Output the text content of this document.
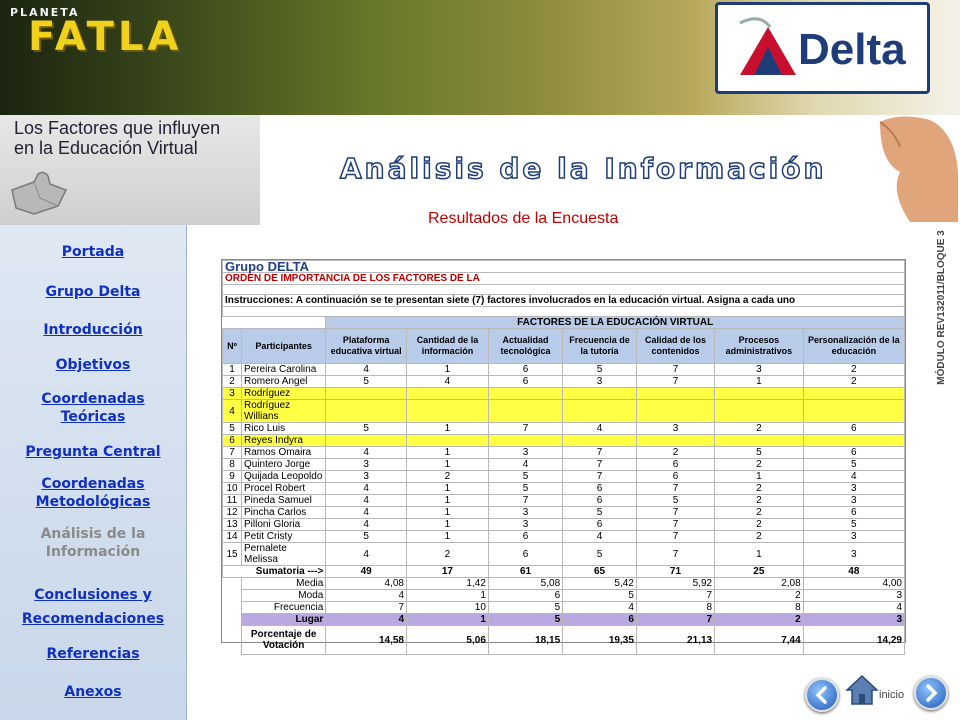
PLANETA
FATLA	Delta
Los Factores que influyen
en la Educación Virtual
Análisis de la Información
Resultados de la Encuesta
MÓDULO REV132011/BLOQUE 3
Portada
Grupo Delta
Introducción
Objetivos
Coordenadas
Teóricas
Pregunta Central
Coordenadas
Metodológicas
Análisis de la
Información
Conclusiones y
Recomendaciones
Referencias
Anexos
Grupo DELTA								
ORDEN DE IMPORTANCIA DE LOS FACTORES DE LA								

Instrucciones: A continuación se te presentan siete (7) factores involucrados en la educación virtual. Asigna a cada uno								

		FACTORES DE LA EDUCACIÓN VIRTUAL						
Nº	Participantes	Plataforma educativa virtual	Cantidad de la información	Actualidad tecnológica	Frecuencia de la tutoría	Calidad de los contenidos	Procesos administrativos	Personalización de la educación
1	Pereira Carolina	4	1	6	5	7	3	2
2	Romero Angel	5	4	6	3	7	1	2
3	Rodríguez							
4	Rodríguez Willians							
5	Rico Luis	5	1	7	4	3	2	6
6	Reyes Indyra							
7	Ramos Omaira	4	1	3	7	2	5	6
8	Quintero Jorge	3	1	4	7	6	2	5
9	Quijada Leopoldo	3	2	5	7	6	1	4
10	Procel Robert	4	1	5	6	7	2	3
11	Pineda Samuel	4	1	7	6	5	2	3
12	Pincha Carlos	4	1	3	5	7	2	6
13	Pilloni Gloria	4	1	3	6	7	2	5
14	Petit Cristy	5	1	6	4	7	2	3
15	Pernalete Melissa	4	2	6	5	7	1	3
Sumatoria --->		49	17	61	65	71	25	48
	Media	4,08	1,42	5,08	5,42	5,92	2,08	4,00
	Moda	4	1	6	5	7	2	3
	Frecuencia	7	10	5	4	8	8	4
	Lugar	4	1	5	6	7	2	3

	Porcentaje de
Votación	14,58	5,06	18,15	19,35	21,13	7,44	14,29
inicio
